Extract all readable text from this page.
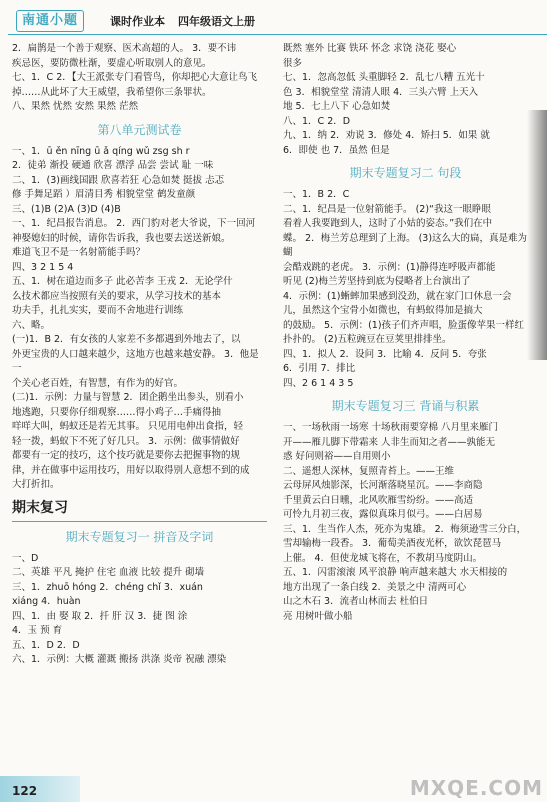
南通小题	课时作业本 四年级语文上册
2．扁鹊是一个善于观察、医术高超的人。 3．要不讳
疾忌医，要防微杜渐，要虚心听取别人的意见。
七、1．C 2．【大王派张专门看管鸟，你却把心大意让鸟飞
掉……从此坏了大王威望，我希望你三条罪状。
八、果然 忧然 安然 果然 茫然
第八单元测试卷
一、1．ū ěn nīng ū ǎ qíng wǔ zsg sh r
2．徒弟 渐投 硬通 欣喜 漂浮 品尝 尝试 耻 一味
二、1．(3)画线国跟 欣喜若狂 心急如焚 挺拔 忐忑
修 手舞足蹈 ）眉清目秀 相貌堂堂 鹤发童颜
三、(1)B (2)A (3)D (4)B
一、1．纪昌报告消息。 2．西门豹对老大爷说，下一回河
神娶媳妇的时候，请你告诉我，我也要去送送新娘。
难道飞卫不是一名射箭能手吗？
四、3 2 1 5 4
五、1．树在道边而多子 此必苦李 王戎 2．无论学什
么技术都应当按照有关的要求，从学习技术的基本
功夫手，扎扎实实，要而不舍地进行训练
六、略。
(一)1．B 2．有女孩的人家差不多都遇到外地去了，以
外更宝贵的人口越来越少，这地方也越来越安静。 3．他是一
个关心老百姓，有智慧，有作为的好官。
(二)1．示例：力量与智慧 2．团企鹅坐出参头，别看小
地逃跑，只要你仔细观察……得小鸡子…手痛得抽
咩咩大叫，蚂蚁还是若无其事。 只见用电伸出食指，轻
轻一拨，蚂蚁下不死了好几只。 3．示例：做事情做好
都要有一定的技巧，这个技巧就是要你去把握事物的规
律，并在做事中运用技巧，用好以取得别人意想不到的成
大打折扣。
期末复习
期末专题复习一 拼音及字词
一、D
二、英雄 平凡 掩护 住宅 血液 比较 提升 砌墙
三、1．zhuō hóng 2．chéng chǐ 3．xuán
xiáng 4．huàn
四、1．由 娶 取 2．扦 肝 汉 3．捷 图 涂
4．玉 预 育
五、1．D 2．D
六、1．示例：大概 灌溉 搬扬 洪涤 炎帝 祝融 漂染
既然 塞外 比赛 铁环 怀念 求饶 浇花 娶心
很多
七、1．忽高忽低 头重脚轻 2．乱七八糟 五光十
色 3．相貌堂堂 清清人眼 4．三头六臂 上天入
地 5．七上八下 心急如焚
八、1．C 2．D
九、1．纳 2．劝说 3．修处 4．矫扫 5．如果 就
6．即使 也 7．虽然 但是
期末专题复习二 句段
一、1．B 2．C
二、1．纪昌是一位射箭能手。 (2)“我这一眼睁眼
看着人我要跑到人，这时了小姑的姿态。”我们在中
蝶。 2．梅兰芳总理到了上海。 (3)这么大的扁，真是难为蝴
会酷戏跳的老虎。 3．示例：(1)静得连呼吸声都能
听见 (2)梅兰芳坚持到底为侵略者上台演出了
4．示例：(1)蜥蟀加果感到没劲，就在家门口休息一会
儿，虽然这个宝骨小如微也，有蚂蚁得加是搞大
的鼓励。 5．示例：(1)孩子们齐声唱，脸蛋像苹果一样红
扑扑的。 (2)五粒豌豆在豆荚里排排坐。
四、1．拟人 2．设问 3．比喻 4．反问 5．夸张
6．引用 7．排比
四、2 6 1 4 3 5
期末专题复习三 背诵与积累
一、一场秋雨一场寒 十场秋雨要穿棉 八月里来雁门
开——雁儿脚下带霜来 人非生而知之者——孰能无
惑 好问则裕——自用则小
二、遥想人深林，复照青苔上。——王维
云母屏风烛影深，长河渐落晓星沉。——李商隐
千里黄云白日曛，北风吹雁雪纷纷。——高适
可怜九月初三夜，露似真珠月似弓。——白居易
三、1．生当作人杰，死亦为鬼雄。 2．梅须逊雪三分白，
雪却输梅一段香。 3．葡萄美酒夜光杯，欲饮琵琶马
上催。 4．但使龙城飞将在，不教胡马度阴山。
五、1．闪雷滚滚 风平浪静 响声越来越大 水天相接的
地方出现了一条白线 2．美景之中 清两可心
山之木石 3．流者山林而去 杜伯日
亮 用树叶做小船
122	MXQE.COM
